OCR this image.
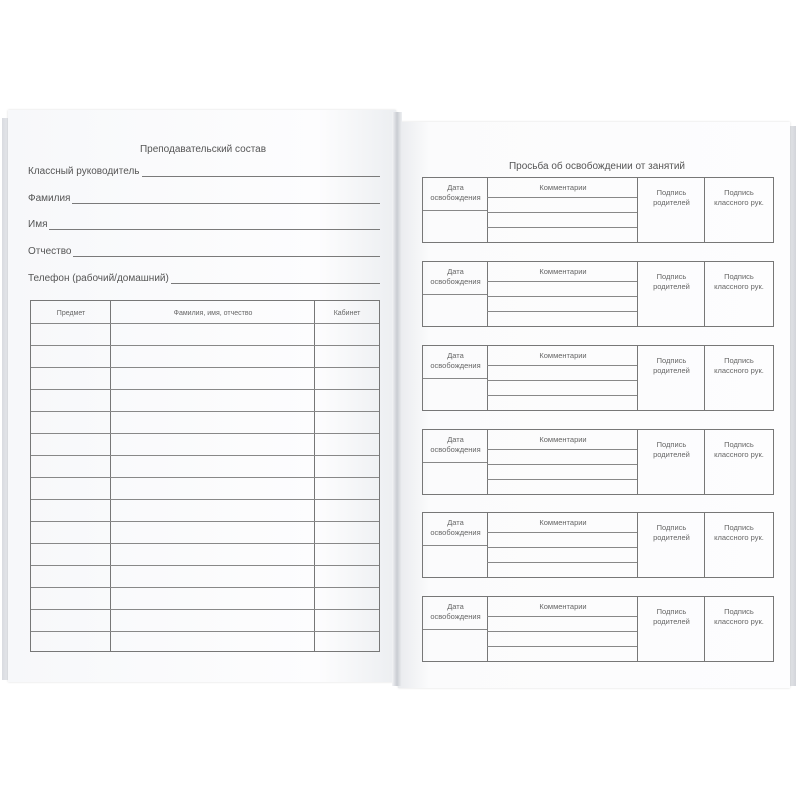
Преподавательский состав
Классный руководитель
Фамилия
Имя
Отчество
Телефон (рабочий/домашний)
Предмет	Фамилия, имя, отчество	Кабинет
Просьба об освобождении от занятий
Дата
освобождения
Комментарии
Подпись
родителей
Подпись
классного рук.
Дата
освобождения
Комментарии
Подпись
родителей
Подпись
классного рук.
Дата
освобождения
Комментарии
Подпись
родителей
Подпись
классного рук.
Дата
освобождения
Комментарии
Подпись
родителей
Подпись
классного рук.
Дата
освобождения
Комментарии
Подпись
родителей
Подпись
классного рук.
Дата
освобождения
Комментарии
Подпись
родителей
Подпись
классного рук.
